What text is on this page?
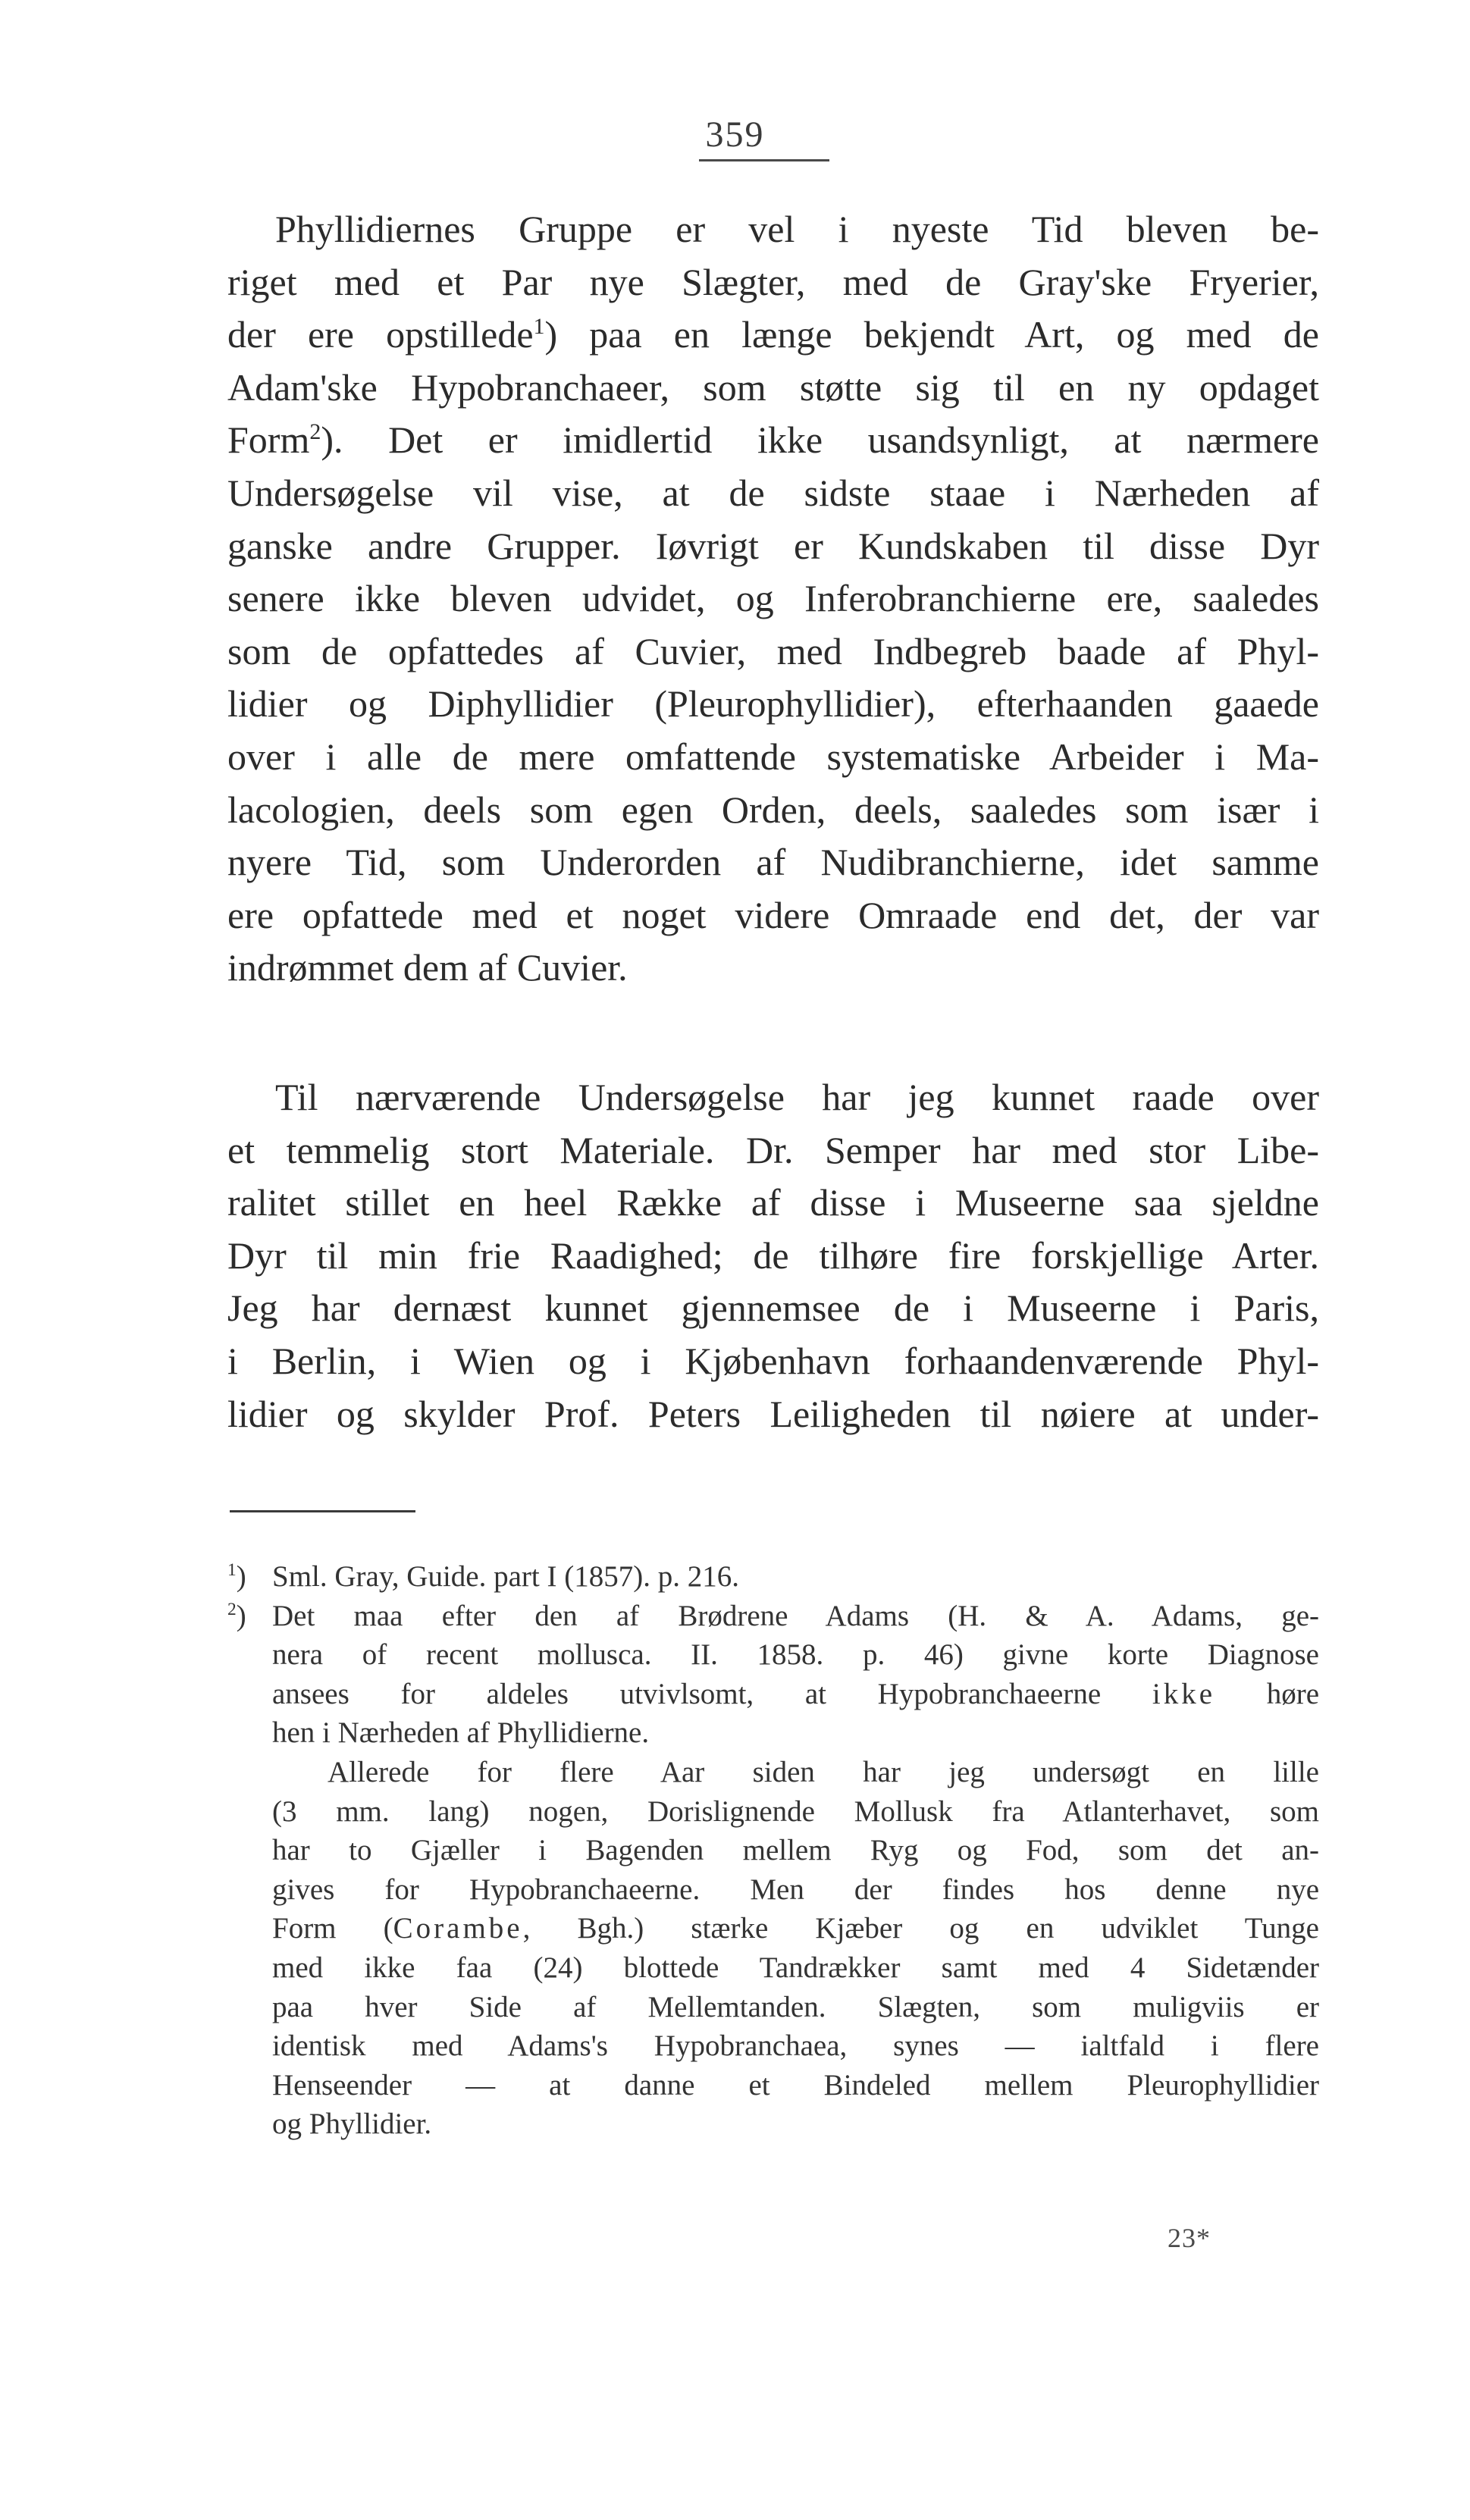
359
Phyllidiernes Gruppe er vel i nyeste Tid bleven be-
riget med et Par nye Slægter, med de Gray'ske Fryerier,
der ere opstillede$^1$) paa en længe bekjendt Art, og med de
Adam'ske Hypobranchaeer, som støtte sig til en ny opdaget
Form$^2$). Det er imidlertid ikke usandsynligt, at nærmere
Undersøgelse vil vise, at de sidste staae i Nærheden af
ganske andre Grupper. Iøvrigt er Kundskaben til disse Dyr
senere ikke bleven udvidet, og Inferobranchierne ere, saaledes
som de opfattedes af Cuvier, med Indbegreb baade af Phyl-
lidier og Diphyllidier (Pleurophyllidier), efterhaanden gaaede
over i alle de mere omfattende systematiske Arbeider i Ma-
lacologien, deels som egen Orden, deels, saaledes som især i
nyere Tid, som Underorden af Nudibranchierne, idet samme
ere opfattede med et noget videre Omraade end det, der var
indrømmet dem af Cuvier.
Til nærværende Undersøgelse har jeg kunnet raade over
et temmelig stort Materiale. Dr. Semper har med stor Libe-
ralitet stillet en heel Række af disse i Museerne saa sjeldne
Dyr til min frie Raadighed; de tilhøre fire forskjellige Arter.
Jeg har dernæst kunnet gjennemsee de i Museerne i Paris,
i Berlin, i Wien og i Kjøbenhavn forhaandenværende Phyl-
lidier og skylder Prof. Peters Leiligheden til nøiere at under-
$^1$) Sml. Gray, Guide. part I (1857). p. 216.
$^2$) Det maa efter den af Brødrene Adams (H. & A. Adams, ge-
nera of recent mollusca. II. 1858. p. 46) givne korte Diagnose
ansees for aldeles utvivlsomt, at Hypobranchaeerne ikke høre
hen i Nærheden af Phyllidierne.
Allerede for flere Aar siden har jeg undersøgt en lille
(3 mm. lang) nogen, Dorislignende Mollusk fra Atlanterhavet, som
har to Gjæller i Bagenden mellem Ryg og Fod, som det an-
gives for Hypobranchaeerne. Men der findes hos denne nye
Form (Corambe, Bgh.) stærke Kjæber og en udviklet Tunge
med ikke faa (24) blottede Tandrækker samt med 4 Sidetænder
paa hver Side af Mellemtanden. Slægten, som muligviis er
identisk med Adams's Hypobranchaea, synes — ialtfald i flere
Henseender — at danne et Bindeled mellem Pleurophyllidier
og Phyllidier.
23*
